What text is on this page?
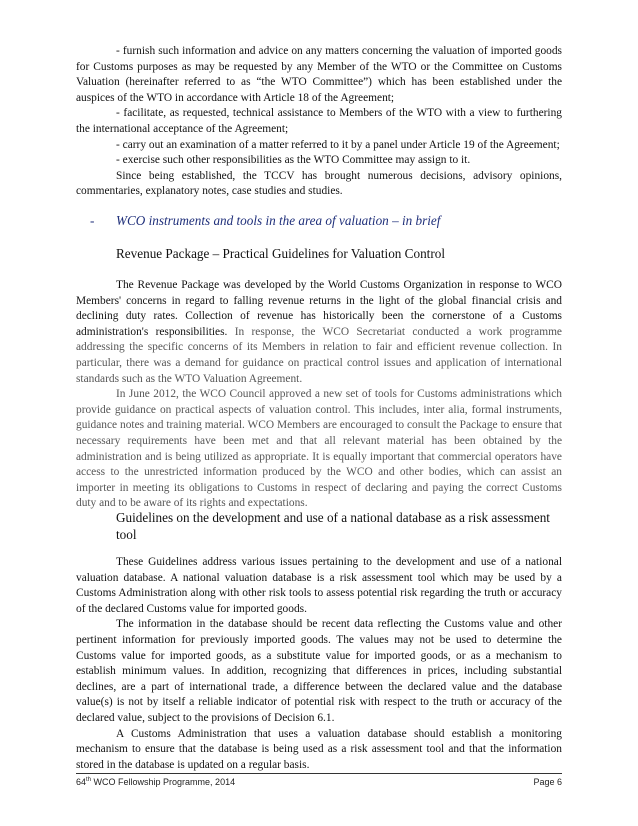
- furnish such information and advice on any matters concerning the valuation of imported goods for Customs purposes as may be requested by any Member of the WTO or the Committee on Customs Valuation (hereinafter referred to as “the WTO Committee”) which has been established under the auspices of the WTO in accordance with Article 18 of the Agreement;

- facilitate, as requested, technical assistance to Members of the WTO with a view to furthering the international acceptance of the Agreement;

- carry out an examination of a matter referred to it by a panel under Article 19 of the Agreement;

- exercise such other responsibilities as the WTO Committee may assign to it.

Since being established, the TCCV has brought numerous decisions, advisory opinions, commentaries, explanatory notes, case studies and studies.

- WCO instruments and tools in the area of valuation – in brief
Revenue Package – Practical Guidelines for Valuation Control

The Revenue Package was developed by the World Customs Organization in response to WCO Members' concerns in regard to falling revenue returns in the light of the global financial crisis and declining duty rates. Collection of revenue has historically been the cornerstone of a Customs administration's responsibilities. In response, the WCO Secretariat conducted a work programme addressing the specific concerns of its Members in relation to fair and efficient revenue collection. In particular, there was a demand for guidance on practical control issues and application of international standards such as the WTO Valuation Agreement.

In June 2012, the WCO Council approved a new set of tools for Customs administrations which provide guidance on practical aspects of valuation control. This includes, inter alia, formal instruments, guidance notes and training material. WCO Members are encouraged to consult the Package to ensure that necessary requirements have been met and that all relevant material has been obtained by the administration and is being utilized as appropriate. It is equally important that commercial operators have access to the unrestricted information produced by the WCO and other bodies, which can assist an importer in meeting its obligations to Customs in respect of declaring and paying the correct Customs duty and to be aware of its rights and expectations.

Guidelines on the development and use of a national database as a risk assessment tool

These Guidelines address various issues pertaining to the development and use of a national valuation database. A national valuation database is a risk assessment tool which may be used by a Customs Administration along with other risk tools to assess potential risk regarding the truth or accuracy of the declared Customs value for imported goods.

The information in the database should be recent data reflecting the Customs value and other pertinent information for previously imported goods. The values may not be used to determine the Customs value for imported goods, as a substitute value for imported goods, or as a mechanism to establish minimum values. In addition, recognizing that differences in prices, including substantial declines, are a part of international trade, a difference between the declared value and the database value(s) is not by itself a reliable indicator of potential risk with respect to the truth or accuracy of the declared value, subject to the provisions of Decision 6.1.

A Customs Administration that uses a valuation database should establish a monitoring mechanism to ensure that the database is being used as a risk assessment tool and that the information stored in the database is updated on a regular basis.

64th WCO Fellowship Programme, 2014	Page 6
